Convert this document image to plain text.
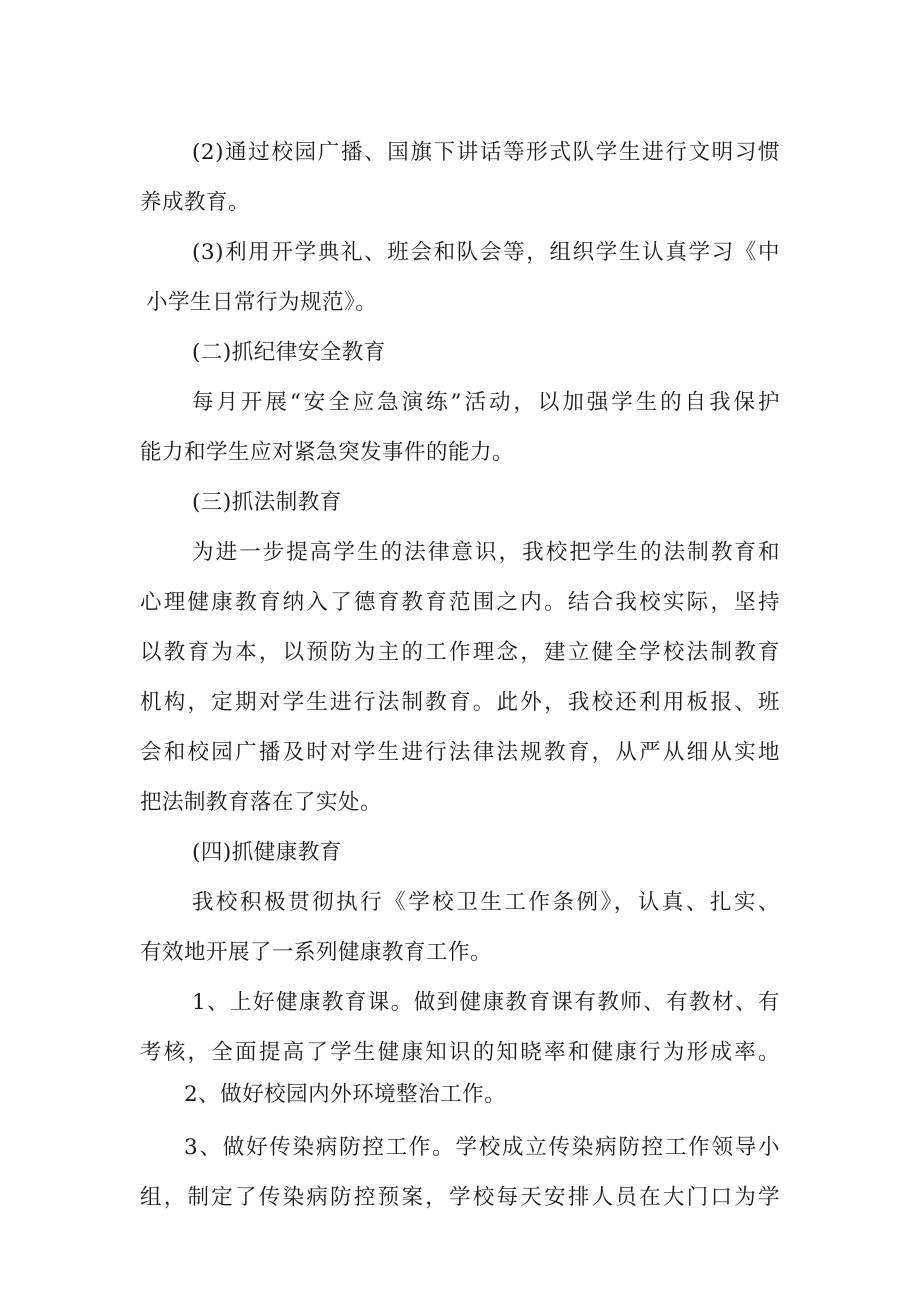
(2)通过校园广播、国旗下讲话等形式队学生进行文明习惯
养成教育。
(3)利用开学典礼、班会和队会等，组织学生认真学习《中
小学生日常行为规范》。
(二)抓纪律安全教育
每月开展“安全应急演练”活动，以加强学生的自我保护
能力和学生应对紧急突发事件的能力。
(三)抓法制教育
为进一步提高学生的法律意识，我校把学生的法制教育和
心理健康教育纳入了德育教育范围之内。结合我校实际，坚持
以教育为本，以预防为主的工作理念，建立健全学校法制教育
机构，定期对学生进行法制教育。此外，我校还利用板报、班
会和校园广播及时对学生进行法律法规教育，从严从细从实地
把法制教育落在了实处。
(四)抓健康教育
我校积极贯彻执行《学校卫生工作条例》，认真、扎实、
有效地开展了一系列健康教育工作。
1、上好健康教育课。做到健康教育课有教师、有教材、有
考核，全面提高了学生健康知识的知晓率和健康行为形成率。
2、做好校园内外环境整治工作。
3、做好传染病防控工作。学校成立传染病防控工作领导小
组，制定了传染病防控预案，学校每天安排人员在大门口为学
